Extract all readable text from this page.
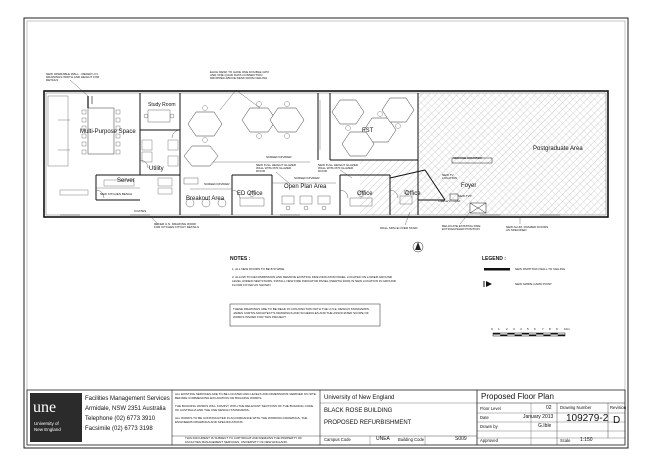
Multi-Purpose Space
Study Room
Utility
Server
Breakout Area
ED Office
Open Plan Area
FST
Office	Office
Postgraduate Area
Foyer
Cleaner's Cupbd
NEW OPERABLE WALL - REFER U.N. DRAWINGS WIDTH AND HEIGHT FOR DETAILS
EACH DESK TO HAVE ONE DOUBLE GPO AND ONE QUAD DATA CONNECTION DROPPED ABOVE DESK FROM CEILING
NEW FULL HEIGHT GLAZED WALL WITH 870 GLAZED DOOR
NEW FULL HEIGHT GLAZED WALL WITH 870 GLAZED DOOR
SCREEN DIVIDER
SCREEN DIVIDER
SCREEN DIVIDER
NEW KITCHEN BENCH
COATES
REFER U.N. DRAWING WORK FOR KITCHEN FITOUT DETAILS	WALL SPACE OVER STAIR	RELOCATE EXISTING FIRE EXTINGUISHER POSITION	NEW ALUM. FRAMED DOORS AS SPECIFIED
SERVICE COUNTER
NEW TV LOCATION
NEW TVP
NOTES :
1. ALL NEW DOORS TO BE 870 WIDE
2. ALLOW TO DECOMMISSION AND REMOVE EXISTING FIRE INDICATOR PANEL LOCATED ON LOWER GROUND LEVEL UNDER NEW STAIRS, INSTALL NEW FIRE INDICATOR PANEL (INERTIA 2000) IN NEW LOCATION IN GROUND FLOOR FOYER AS SHOWN.
THESE DRAWINGS ARE TO BE READ IN CONJUNCTION WITH THE U.N.E. DESIGN STANDARDS, JAMES CURTIS ARCHITECT'S DRAWINGS AND SCHEDULES AND THE ASSOCIATED SCOPE OF WORKS ISSUED FOR THIS PROJECT.
LEGEND :
NEW PARTITION WALL TO CEILING
NEW SWIPE CARD POINT
0 1 2 3 4 5 6 7 8 9 10m
une
University of
New England
Facilities Management Services
Armidale, NSW 2351 Australia
Telephone (02) 6773 3910
Facsimile (02) 6773 3198
ALL EXISTING SERVICES ARE TO BE LOCATED AND LEVELS AND DIMENSIONS VERIFIED ON SITE BEFORE COMMENCING EXCAVATION OR BUILDING WORKS.
THE BUILDING WORKS WILL COMPLY WITH THE RELEVANT SECTIONS OF THE BUILDING CODE OF AUSTRALIA AND THE UNE DESIGN STANDARDS.
ALL WORKS TO BE CONSTRUCTED IN ACCORDANCE WITH THE WORKING DRAWINGS, THE ENGINEERS DRAWINGS AND SPECIFICATIONS.
THIS DOCUMENT IS SUBJECT TO COPYRIGHT AND REMAINS THE PROPERTY OF FACILITIES MANAGEMENT SERVICES, UNIVERSITY OF NEW ENGLAND.
University of New England
BLACK ROSE BUILDING
PROPOSED REFURBISHMENT
Campus Code	UNEA Building Code	S009
Proposed Floor Plan
Floor Level	02
Date	January 2013
Drawn by	G.Ible
Approved
Drawing Number
109279-2
Revision
D
Scale 1:150
